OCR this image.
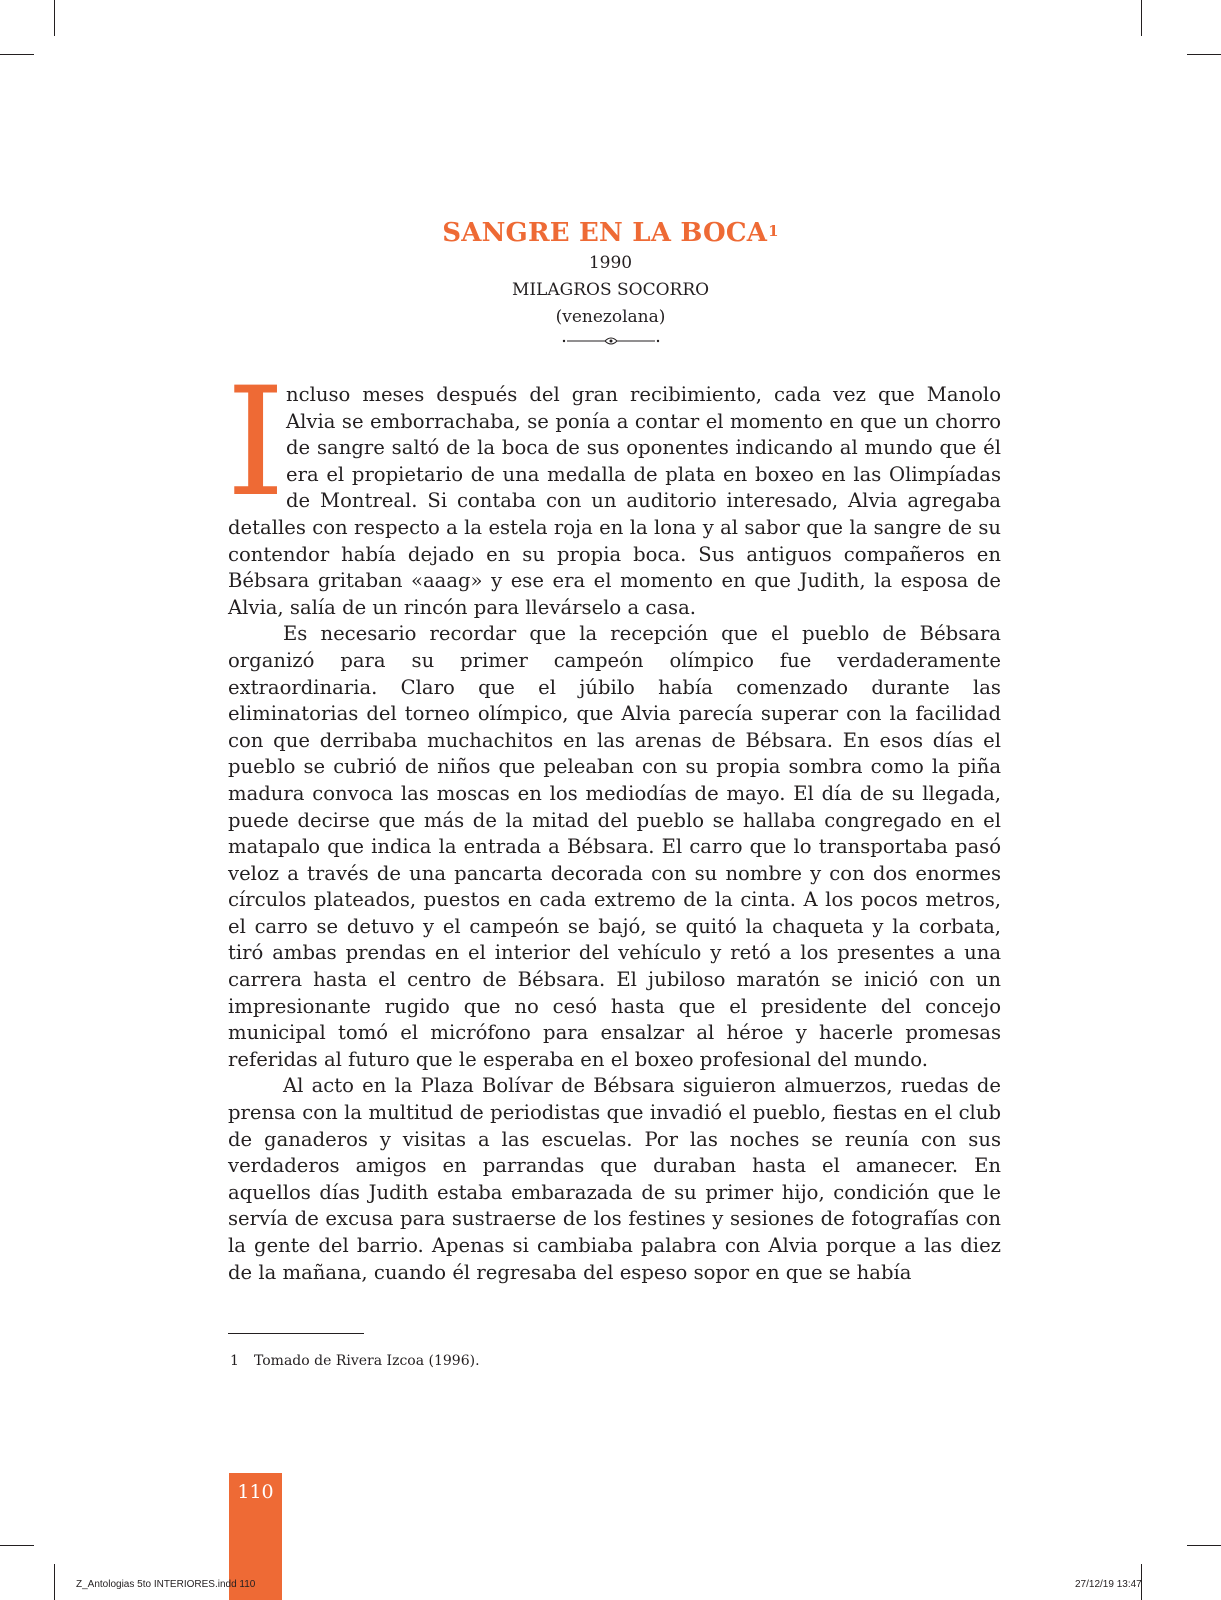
SANGRE EN LA BOCA$^1$
1990
MILAGROS SOCORRO
(venezolana)

Incluso meses después del gran recibimiento, cada vez que Manolo Alvia se emborrachaba, se ponía a contar el momento en que un chorro de sangre saltó de la boca de sus oponentes indicando al mundo que él era el propietario de una medalla de plata en boxeo en las Olimpíadas de Montreal. Si contaba con un auditorio interesado, Alvia agregaba detalles con respecto a la estela roja en la lona y al sabor que la sangre de su contendor había dejado en su propia boca. Sus antiguos compañeros en Bébsara gritaban «aaag» y ese era el momento en que Judith, la esposa de Alvia, salía de un rincón para llevárselo a casa.

Es necesario recordar que la recepción que el pueblo de Bébsara organizó para su primer campeón olímpico fue verdaderamente extraordinaria. Claro que el júbilo había comenzado durante las eliminatorias del torneo olímpico, que Alvia parecía superar con la facilidad con que derribaba muchachitos en las arenas de Bébsara. En esos días el pueblo se cubrió de niños que peleaban con su propia sombra como la piña madura convoca las moscas en los mediodías de mayo. El día de su llegada, puede decirse que más de la mitad del pueblo se hallaba congregado en el matapalo que indica la entrada a Bébsara. El carro que lo transportaba pasó veloz a través de una pancarta decorada con su nombre y con dos enormes círculos plateados, puestos en cada extremo de la cinta. A los pocos metros, el carro se detuvo y el campeón se bajó, se quitó la chaqueta y la corbata, tiró ambas prendas en el interior del vehículo y retó a los presentes a una carrera hasta el centro de Bébsara. El jubiloso maratón se inició con un impresionante rugido que no cesó hasta que el presidente del concejo municipal tomó el micrófono para ensalzar al héroe y hacerle promesas referidas al futuro que le esperaba en el boxeo profesional del mundo.

Al acto en la Plaza Bolívar de Bébsara siguieron almuerzos, ruedas de prensa con la multitud de periodistas que invadió el pueblo, fiestas en el club de ganaderos y visitas a las escuelas. Por las noches se reunía con sus verdaderos amigos en parrandas que duraban hasta el amanecer. En aquellos días Judith estaba embarazada de su primer hijo, condición que le servía de excusa para sustraerse de los festines y sesiones de fotografías con la gente del barrio. Apenas si cambiaba palabra con Alvia porque a las diez de la mañana, cuando él regresaba del espeso sopor en que se había

1 Tomado de Rivera Izcoa (1996).
110
Z_Antologias 5to INTERIORES.indd 110	27/12/19 13:47
